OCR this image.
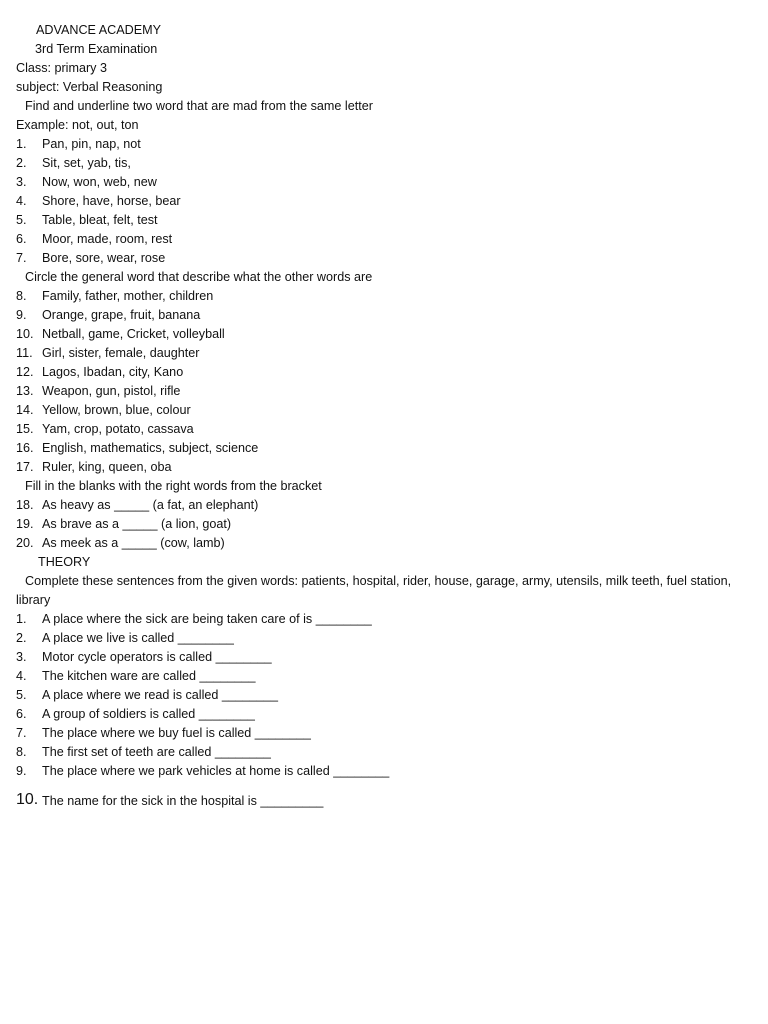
ADVANCE ACADEMY
3rd Term Examination
Class: primary 3
subject: Verbal Reasoning
Find and underline two word that are mad from the same letter
Example: not, out, ton
1. Pan, pin, nap, not
2. Sit, set, yab, tis,
3. Now, won, web, new
4. Shore, have, horse, bear
5. Table, bleat, felt, test
6. Moor, made, room, rest
7. Bore, sore, wear, rose
Circle the general word that describe what the other words are
8. Family, father, mother, children
9. Orange, grape, fruit, banana
10. Netball, game, Cricket, volleyball
11. Girl, sister, female, daughter
12. Lagos, Ibadan, city, Kano
13. Weapon, gun, pistol, rifle
14. Yellow, brown, blue, colour
15. Yam, crop, potato, cassava
16. English, mathematics, subject, science
17. Ruler, king, queen, oba
Fill in the blanks with the right words from the bracket
18. As heavy as _____ (a fat, an elephant)
19. As brave as a _____ (a lion, goat)
20. As meek as a _____ (cow, lamb)
THEORY
Complete these sentences from the given words: patients, hospital, rider, house, garage, army, utensils, milk teeth, fuel station,
library
1. A place where the sick are being taken care of is ________
2. A place we live is called ________
3. Motor cycle operators is called ________
4. The kitchen ware are called ________
5. A place where we read is called ________
6. A group of soldiers is called ________
7. The place where we buy fuel is called ________
8. The first set of teeth are called ________
9. The place where we park vehicles at home is called ________
10. The name for the sick in the hospital is _________
